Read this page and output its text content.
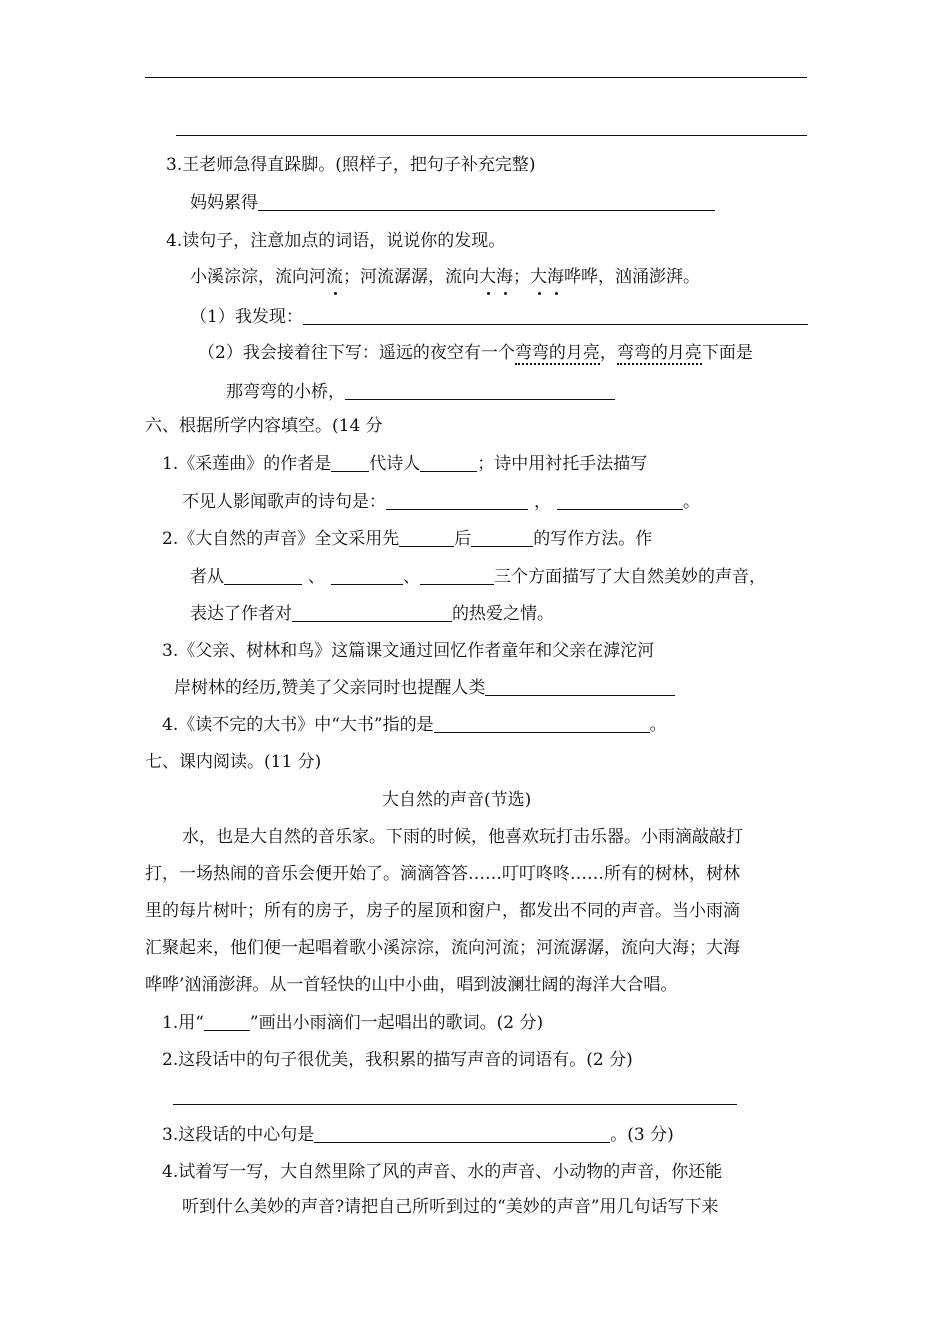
3.王老师急得直跺脚。(照样子，把句子补充完整)
妈妈累得
4.读句子，注意加点的词语，说说你的发现。
小溪淙淙，流向河流；河流潺潺，流向大海；大海哗哗，汹涌澎湃。
（1）我发现：
（2）我会接着往下写：遥远的夜空有一个弯弯的月亮，弯弯的月亮下面是
那弯弯的小桥，
六、根据所学内容填空。(14 分
1.《采莲曲》的作者是 代诗人	；诗中用衬托手法描写
不见人影闻歌声的诗句是：	，	。
2.《大自然的声音》全文采用先	后	的写作方法。作
者从	、	、	三个方面描写了大自然美妙的声音，
表达了作者对	的热爱之情。
3.《父亲、树林和鸟》这篇课文通过回忆作者童年和父亲在滹沱河
岸树林的经历,赞美了父亲同时也提醒人类
4.《读不完的大书》中“大书”指的是	。
七、课内阅读。(11 分)
大自然的声音(节选)
水，也是大自然的音乐家。下雨的时候，他喜欢玩打击乐器。小雨滴敲敲打
打，一场热闹的音乐会便开始了。滴滴答答……叮叮咚咚……所有的树林，树林
里的每片树叶；所有的房子，房子的屋顶和窗户，都发出不同的声音。当小雨滴
汇聚起来，他们便一起唱着歌小溪淙淙，流向河流；河流潺潺，流向大海；大海
哗哗’汹涌澎湃。从一首轻快的山中小曲，唱到波澜壮阔的海洋大合唱。
1.用“	”画出小雨滴们一起唱出的歌词。(2 分)
2.这段话中的句子很优美，我积累的描写声音的词语有。(2 分)
3.这段话的中心句是	。(3 分)
4.试着写一写，大自然里除了风的声音、水的声音、小动物的声音，你还能
听到什么美妙的声音?请把自己所听到过的“美妙的声音”用几句话写下来
